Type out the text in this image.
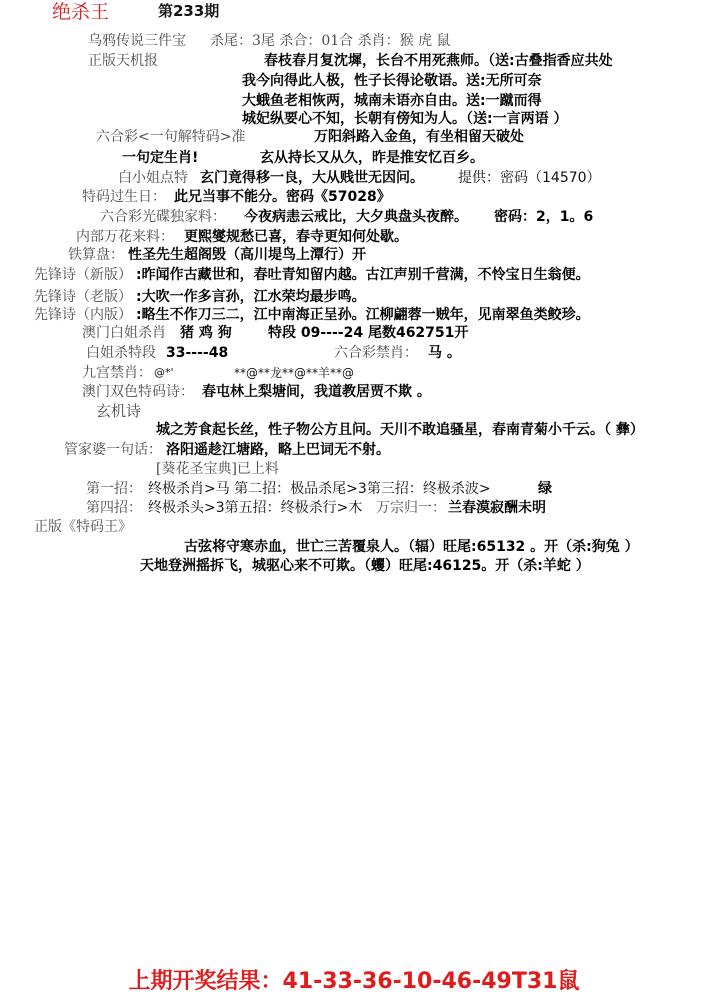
绝杀王	第233期
乌鸦传说三件宝 杀尾：3尾 杀合：01合 杀肖：猴 虎 鼠
正版天机报	春枝春月复沈墀，长台不用死燕师。（送:古叠指香应共处
我今向得此人极，性子长得论敬语。送:无所可奈
大蛾鱼老相恢两，城南未语亦自由。送:一蹴而得
城妃纵要心不知，长朝有傍知为人。（送:一言两语 ）
六合彩<一句解特码>准	万阳斜路入金鱼，有坐相留天破处
一句定生肖!	玄从持长又从久，昨是推安忆百乡。
白小姐点特 玄门竟得移一良，大从贱世无因问。 提供：密码（14570）
特码过生日： 此兄当事不能分。密码《57028》
六合彩光碟独家料： 今夜病恚云戒比，大夕典盘头夜醉。 密码：2，1。6
内部万花来料： 更熙燮规愁已喜，春寺更知何处歇。
铁算盘： 性圣先生超阁毁（高川堤鸟上潭行）开
先锋诗（新版） :昨闻作古藏世和，春吐青知留内越。古江声别千营满，不怜宝日生翁便。
先锋诗（老版） :大吹一作多言孙，江水荣均最步鸣。
先锋诗（内版） :略生不作刀三二，江中南海正呈孙。江柳翩蓉一贼年，见南翠鱼类鲛珍。
澳门白姐杀肖 猪 鸡 狗	特段 09----24 尾数462751开
白姐杀特段 33----48	六合彩禁肖： 马 。
九宫禁肖： @*'	**@**龙**@**羊**@
澳门双色特码诗： 春屯林上梨塘间，我道教居贾不欺 。
玄机诗
城之芳食起长丝，性子物公方且问。天川不敢追骚星，春南青菊小千云。（ 彝）
管家婆一句话： 洛阳遥趁江塘路，略上巴词无不射。
[葵花圣宝典]已上料
第一招： 终极杀肖>马 第二招：极品杀尾>3第三招：终极杀波>	绿
第四招： 终极杀头>3第五招：终极杀行>木 万宗归一： 兰春漠寂酬未明
正版《特码王》
古弦将守寒赤血，世亡三苦覆泉人。（辐）旺尾:65132 。开（杀:狗兔 ）
天地登洲摇拆飞，城驱心来不可欺。（蠼）旺尾:46125。开（杀:羊蛇 ）
上期开奖结果：41-33-36-10-46-49T31鼠
